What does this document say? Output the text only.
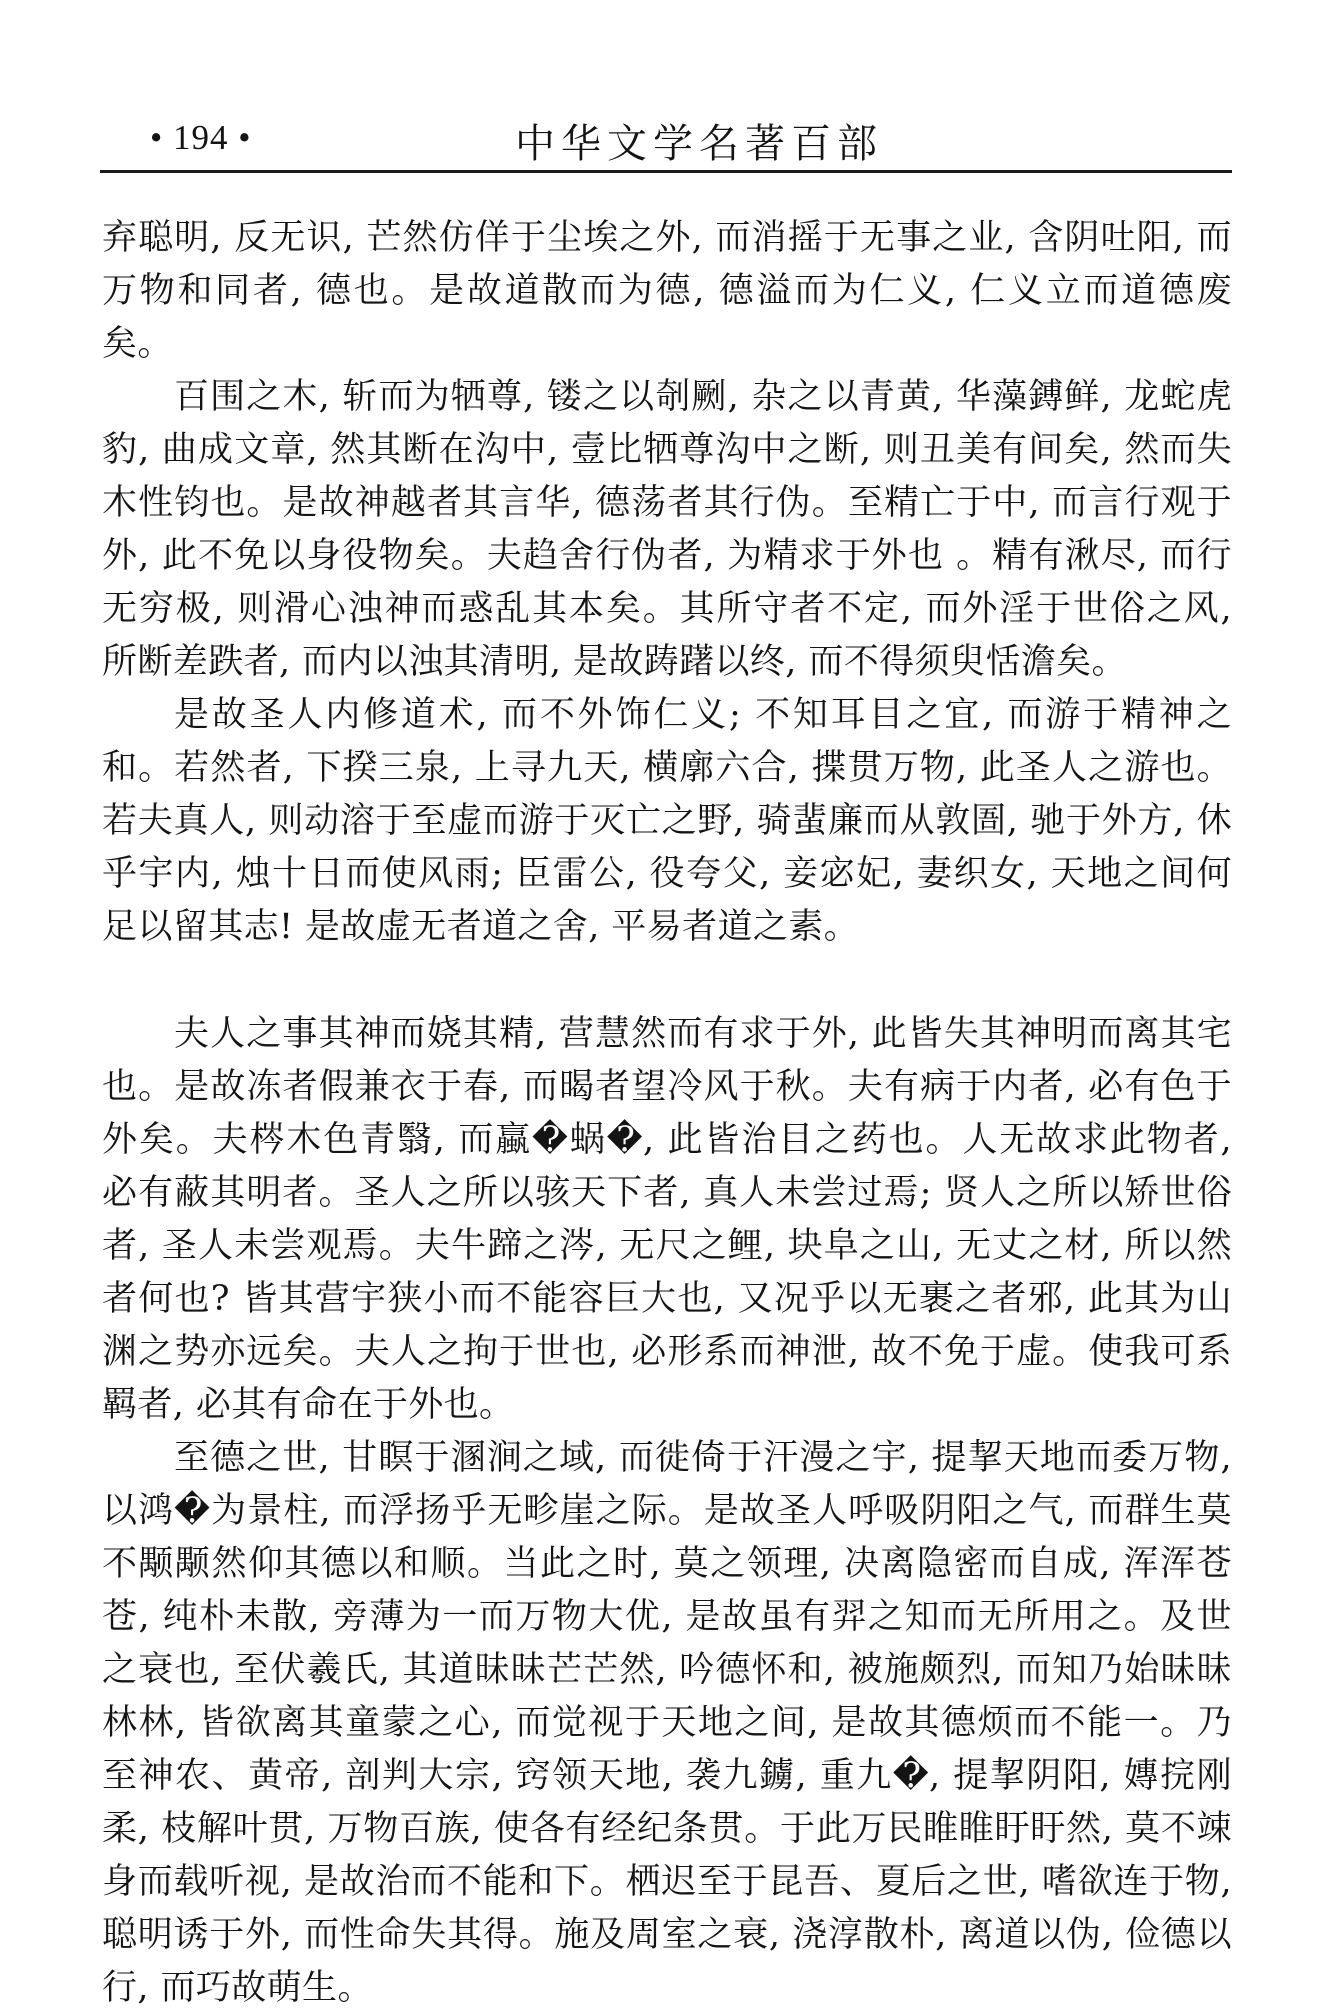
• 194 •	中华文学名著百部

弃聪明, 反无识, 芒然仿佯于尘埃之外, 而消摇于无事之业, 含阴吐阳, 而万物和同者, 德也。是故道散而为德, 德溢而为仁义, 仁义立而道德废矣。

百围之木, 斩而为牺尊, 镂之以剞劂, 杂之以青黄, 华藻鎛鲜, 龙蛇虎豹, 曲成文章, 然其断在沟中, 壹比牺尊沟中之断, 则丑美有间矣, 然而失木性钧也。是故神越者其言华, 德荡者其行伪。至精亡于中, 而言行观于外, 此不免以身役物矣。夫趋舍行伪者, 为精求于外也 。精有湫尽, 而行无穷极, 则滑心浊神而惑乱其本矣。其所守者不定, 而外淫于世俗之风, 所断差跌者, 而内以浊其清明, 是故踌躇以终, 而不得须臾恬澹矣。

是故圣人内修道术, 而不外饰仁义; 不知耳目之宜, 而游于精神之和。若然者, 下揆三泉, 上寻九天, 横廓六合, 揲贯万物, 此圣人之游也。若夫真人, 则动溶于至虚而游于灭亡之野, 骑蜚廉而从敦圄, 驰于外方, 休乎宇内, 烛十日而使风雨; 臣雷公, 役夸父, 妾宓妃, 妻织女, 天地之间何足以留其志! 是故虚无者道之舍, 平易者道之素。

夫人之事其神而娆其精, 营慧然而有求于外, 此皆失其神明而离其宅也。是故冻者假兼衣于春, 而暍者望冷风于秋。夫有病于内者, 必有色于外矣。夫梣木色青翳, 而蠃�蜗�, 此皆治目之药也。人无故求此物者, 必有蔽其明者。圣人之所以骇天下者, 真人未尝过焉; 贤人之所以矫世俗者, 圣人未尝观焉。夫牛蹄之涔, 无尺之鲤, 块阜之山, 无丈之材, 所以然者何也? 皆其营宇狭小而不能容巨大也, 又况乎以无裹之者邪, 此其为山渊之势亦远矣。夫人之拘于世也, 必形系而神泄, 故不免于虚。使我可系羁者, 必其有命在于外也。

至德之世, 甘瞑于溷涧之域, 而徙倚于汗漫之宇, 提挈天地而委万物, 以鸿�为景柱, 而浮扬乎无畛崖之际。是故圣人呼吸阴阳之气, 而群生莫不颙颙然仰其德以和顺。当此之时, 莫之领理, 决离隐密而自成, 浑浑苍苍, 纯朴未散, 旁薄为一而万物大优, 是故虽有羿之知而无所用之。及世之衰也, 至伏羲氏, 其道昧昧芒芒然, 吟德怀和, 被施颇烈, 而知乃始昧昧林林, 皆欲离其童蒙之心, 而觉视于天地之间, 是故其德烦而不能一。乃至神农、黄帝, 剖判大宗, 窍领天地, 袭九鐪, 重九�, 提挈阴阳, 嫥捖刚柔, 枝解叶贯, 万物百族, 使各有经纪条贯。于此万民睢睢盱盱然, 莫不竦身而载听视, 是故治而不能和下。栖迟至于昆吾、夏后之世, 嗜欲连于物, 聪明诱于外, 而性命失其得。施及周室之衰, 浇淳散朴, 离道以伪, 俭德以行, 而巧故萌生。
